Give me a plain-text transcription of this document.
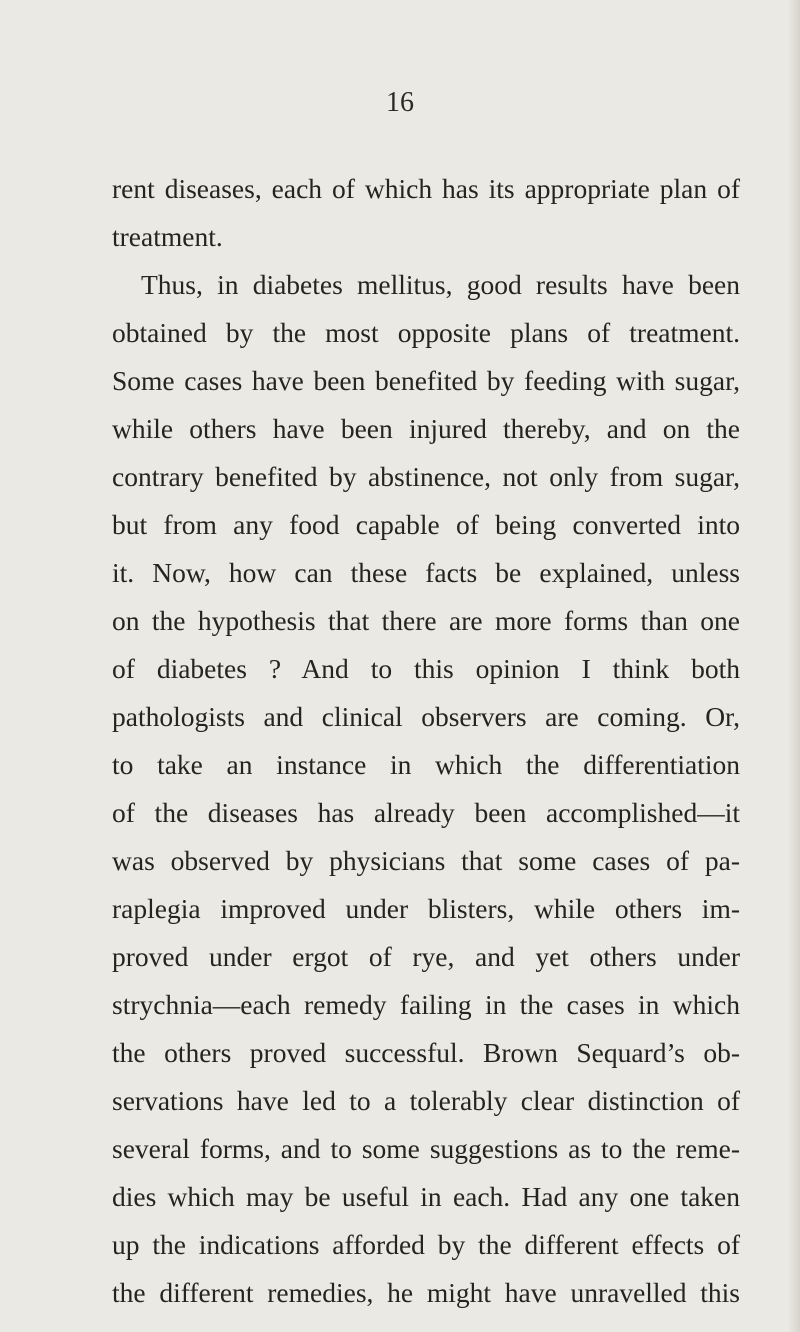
16

rent diseases, each of which has its appropriate plan of

treatment.

Thus, in diabetes mellitus, good results have been

obtained by the most opposite plans of treatment.

Some cases have been benefited by feeding with sugar,

while others have been injured thereby, and on the

contrary benefited by abstinence, not only from sugar,

but from any food capable of being converted into

it. Now, how can these facts be explained, unless

on the hypothesis that there are more forms than one

of diabetes ? And to this opinion I think both

pathologists and clinical observers are coming. Or,

to take an instance in which the differentiation

of the diseases has already been accomplished—it

was observed by physicians that some cases of pa-

raplegia improved under blisters, while others im-

proved under ergot of rye, and yet others under

strychnia—each remedy failing in the cases in which

the others proved successful. Brown Sequard’s ob-

servations have led to a tolerably clear distinction of

several forms, and to some suggestions as to the reme-

dies which may be useful in each. Had any one taken

up the indications afforded by the different effects of

the different remedies, he might have unravelled this
